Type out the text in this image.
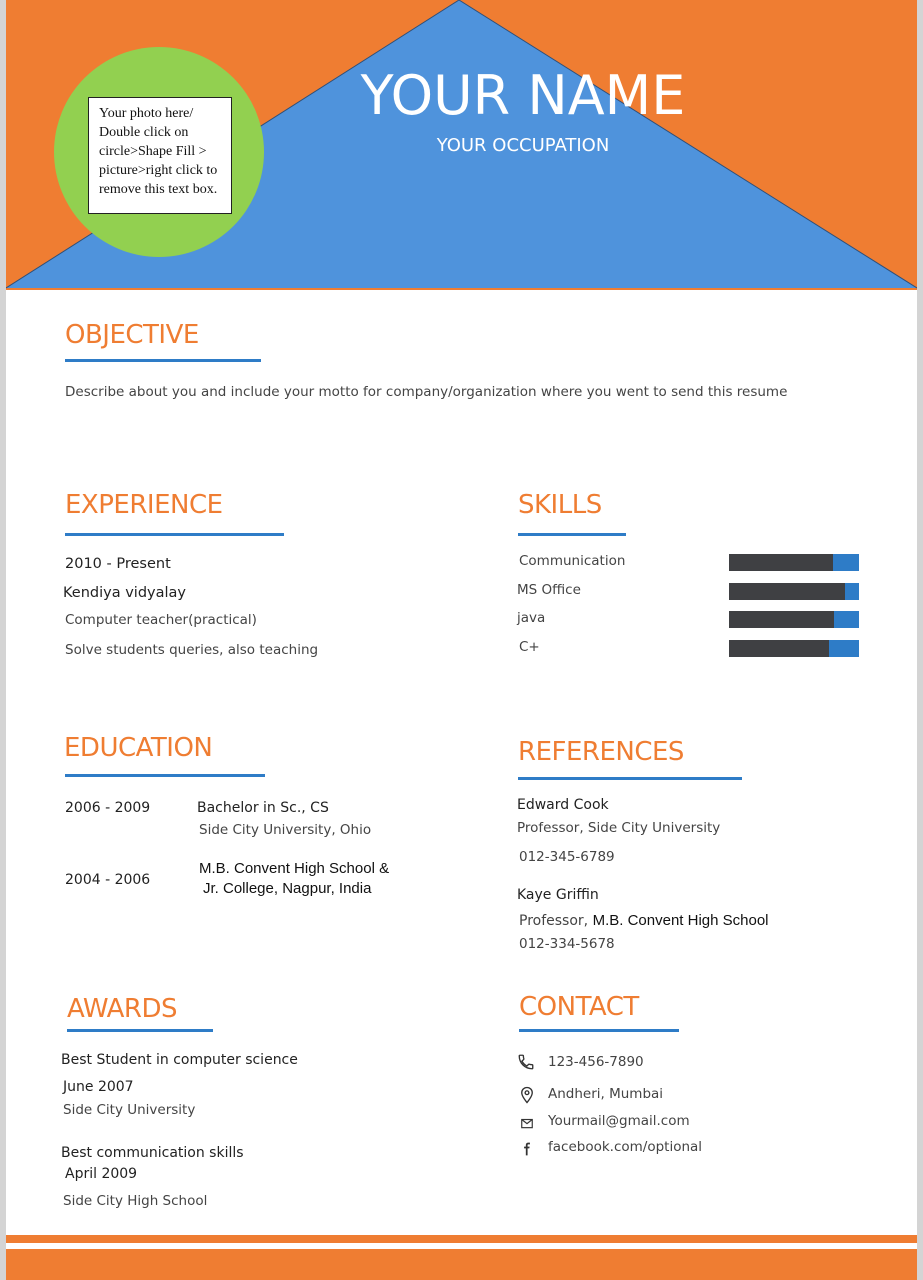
YOUR NAME
YOUR OCCUPATION
Your photo here/ Double click on circle>Shape Fill > picture>right click to remove this text box.
OBJECTIVE
Describe about you and include your motto for company/organization where you went to send this resume
EXPERIENCE
2010 - Present
Kendiya vidyalay
Computer teacher(practical)
Solve students queries, also teaching
SKILLS
Communication
MS Office
java
C+
EDUCATION
2006 - 2009	Bachelor in Sc., CS
Side City University, Ohio
M.B. Convent High School &
Jr. College, Nagpur, India
2004 - 2006
REFERENCES
Edward Cook
Professor, Side City University
012-345-6789
Kaye Griffin
Professor, M.B. Convent High School
012-334-5678
AWARDS
Best Student in computer science
June 2007
Side City University
Best communication skills
April 2009
Side City High School
CONTACT
123-456-7890
Andheri, Mumbai
Yourmail@gmail.com
facebook.com/optional
